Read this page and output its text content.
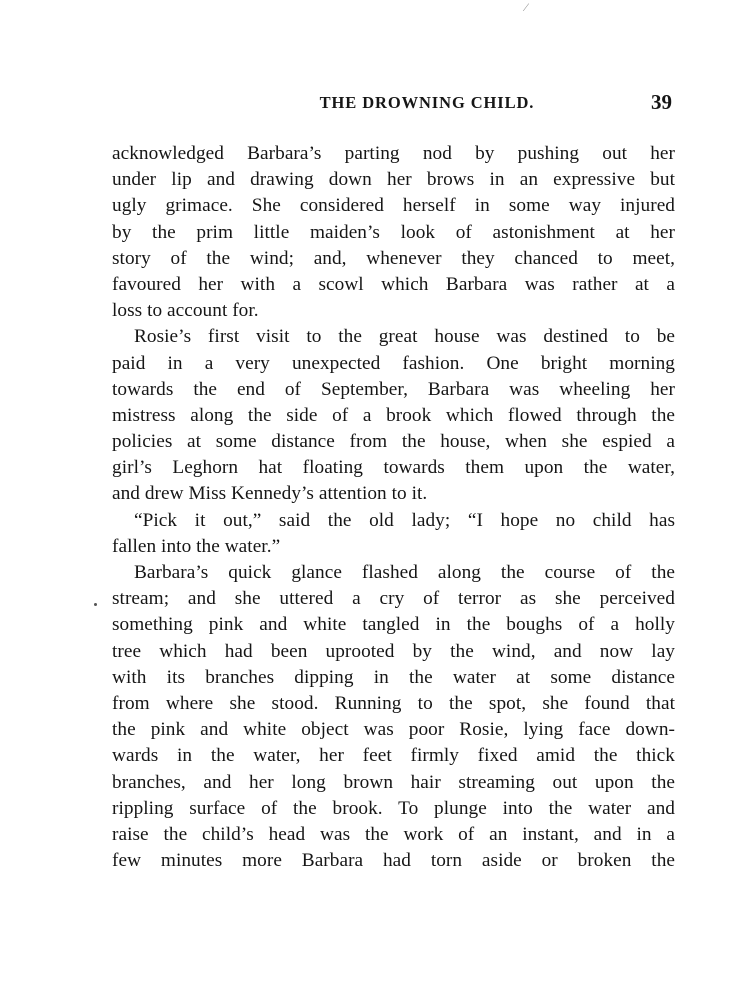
⁄
THE DROWNING CHILD.	39
acknowledged Barbara’s parting nod by pushing out her
under lip and drawing down her brows in an expressive but
ugly grimace. She considered herself in some way injured
by the prim little maiden’s look of astonishment at her
story of the wind; and, whenever they chanced to meet,
favoured her with a scowl which Barbara was rather at a
loss to account for.
Rosie’s first visit to the great house was destined to be
paid in a very unexpected fashion. One bright morning
towards the end of September, Barbara was wheeling her
mistress along the side of a brook which flowed through the
policies at some distance from the house, when she espied a
girl’s Leghorn hat floating towards them upon the water,
and drew Miss Kennedy’s attention to it.
“Pick it out,” said the old lady; “I hope no child has
fallen into the water.”
Barbara’s quick glance flashed along the course of the
stream; and she uttered a cry of terror as she perceived
something pink and white tangled in the boughs of a holly
tree which had been uprooted by the wind, and now lay
with its branches dipping in the water at some distance
from where she stood. Running to the spot, she found that
the pink and white object was poor Rosie, lying face down-
wards in the water, her feet firmly fixed amid the thick
branches, and her long brown hair streaming out upon the
rippling surface of the brook. To plunge into the water and
raise the child’s head was the work of an instant, and in a
few minutes more Barbara had torn aside or broken the
